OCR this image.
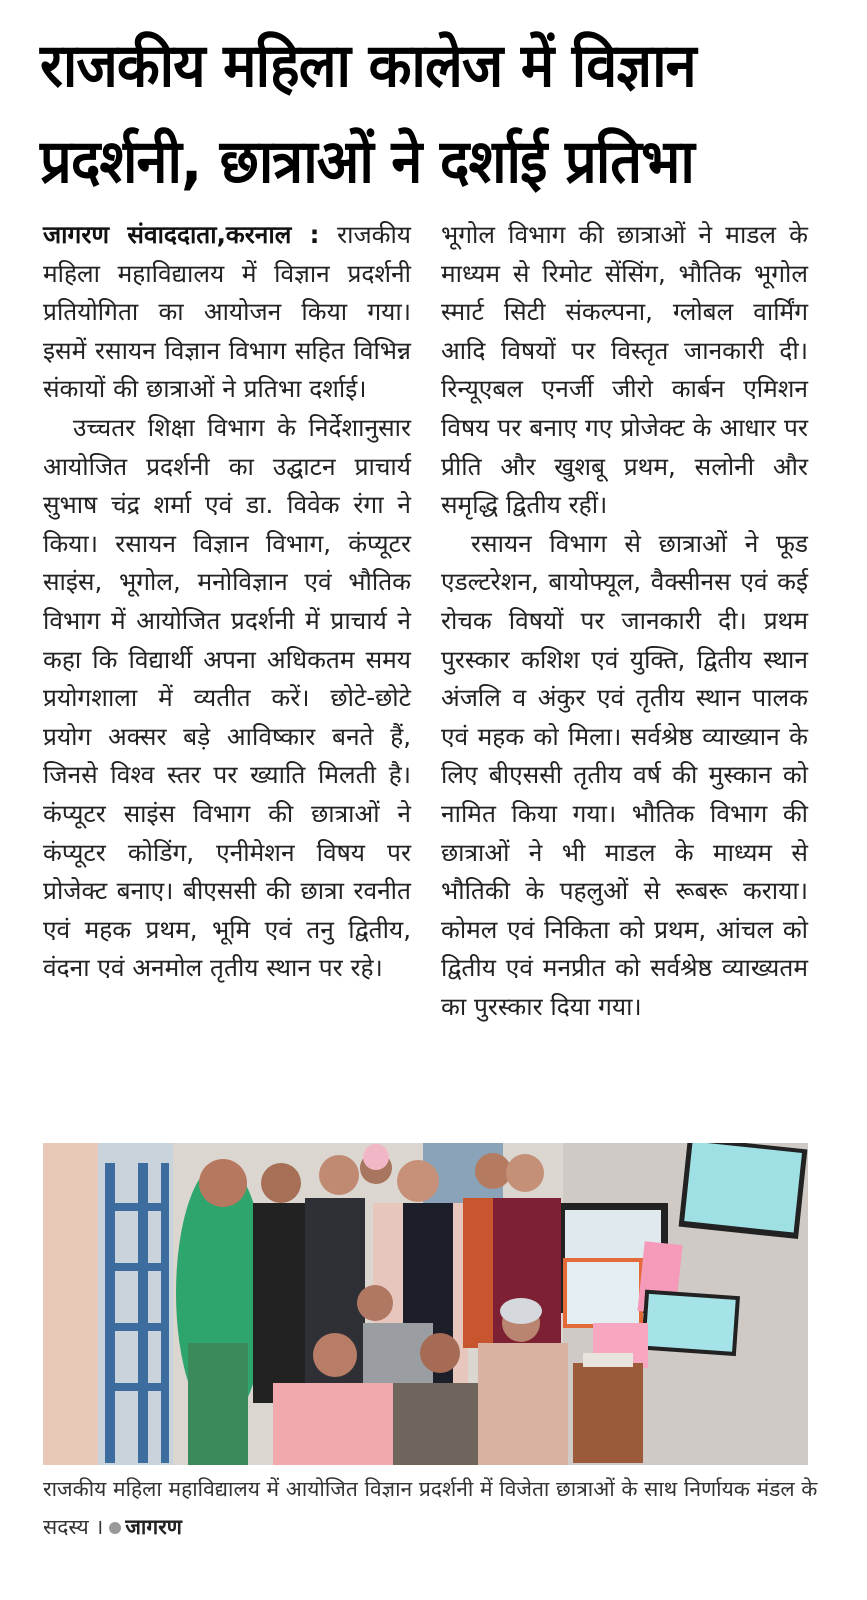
राजकीय महिला कालेज में विज्ञान
प्रदर्शनी, छात्राओं ने दर्शाई प्रतिभा

जागरण संवाददाता,करनाल : राजकीय महिला महाविद्यालय में विज्ञान प्रदर्शनी प्रतियोगिता का आयोजन किया गया। इसमें रसायन विज्ञान विभाग सहित विभिन्न संकायों की छात्राओं ने प्रतिभा दर्शाई।

उच्चतर शिक्षा विभाग के निर्देशानुसार आयोजित प्रदर्शनी का उद्घाटन प्राचार्य सुभाष चंद्र शर्मा एवं डा. विवेक रंगा ने किया। रसायन विज्ञान विभाग, कंप्यूटर साइंस, भूगोल, मनोविज्ञान एवं भौतिक विभाग में आयोजित प्रदर्शनी में प्राचार्य ने कहा कि विद्यार्थी अपना अधिकतम समय प्रयोगशाला में व्यतीत करें। छोटे-छोटे प्रयोग अक्सर बड़े आविष्कार बनते हैं, जिनसे विश्व स्तर पर ख्याति मिलती है। कंप्यूटर साइंस विभाग की छात्राओं ने कंप्यूटर कोडिंग, एनीमेशन विषय पर प्रोजेक्ट बनाए। बीएससी की छात्रा रवनीत एवं महक प्रथम, भूमि एवं तनु द्वितीय, वंदना एवं अनमोल तृतीय स्थान पर रहे।

भूगोल विभाग की छात्राओं ने माडल के माध्यम से रिमोट सेंसिंग, भौतिक भूगोल स्मार्ट सिटी संकल्पना, ग्लोबल वार्मिंग आदि विषयों पर विस्तृत जानकारी दी। रिन्यूएबल एनर्जी जीरो कार्बन एमिशन विषय पर बनाए गए प्रोजेक्ट के आधार पर प्रीति और खुशबू प्रथम, सलोनी और समृद्धि द्वितीय रहीं।

रसायन विभाग से छात्राओं ने फूड एडल्टरेशन, बायोफ्यूल, वैक्सीनस एवं कई रोचक विषयों पर जानकारी दी। प्रथम पुरस्कार कशिश एवं युक्ति, द्वितीय स्थान अंजलि व अंकुर एवं तृतीय स्थान पालक एवं महक को मिला। सर्वश्रेष्ठ व्याख्यान के लिए बीएससी तृतीय वर्ष की मुस्कान को नामित किया गया। भौतिक विभाग की छात्राओं ने भी माडल के माध्यम से भौतिकी के पहलुओं से रूबरू कराया। कोमल एवं निकिता को प्रथम, आंचल को द्वितीय एवं मनप्रीत को सर्वश्रेष्ठ व्याख्यतम का पुरस्कार दिया गया।

राजकीय महिला महाविद्यालय में आयोजित विज्ञान प्रदर्शनी में विजेता छात्राओं के साथ निर्णायक मंडल के सदस्य । जागरण
